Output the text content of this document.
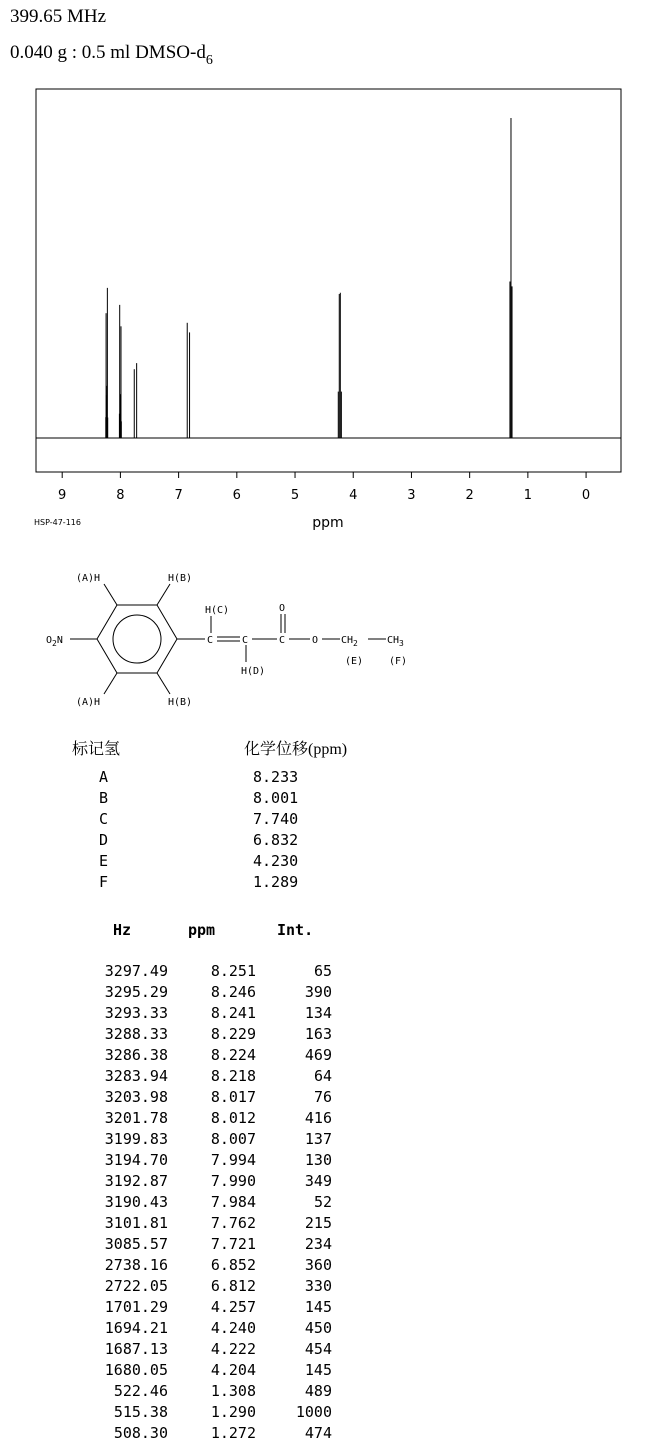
399.65 MHz
0.040 g : 0.5 ml DMSO-$d_6$
9	8	7	6	5	4	3	2	1	0
ppm
HSP-47-116
(A)H	H(B)
(A)H	H(B)
H(C)
H(D)
O
C	C	C	O
$O_2N$	$CH_2$	$CH_3$
(E)	(F)
标记氢	化学位移(ppm)
A	8.233
B	8.001
C	7.740
D	6.832
E	4.230
F	1.289
Hz	ppm	Int.
3297.49	8.251	65
3295.29	8.246	390
3293.33	8.241	134
3288.33	8.229	163
3286.38	8.224	469
3283.94	8.218	64
3203.98	8.017	76
3201.78	8.012	416
3199.83	8.007	137
3194.70	7.994	130
3192.87	7.990	349
3190.43	7.984	52
3101.81	7.762	215
3085.57	7.721	234
2738.16	6.852	360
2722.05	6.812	330
1701.29	4.257	145
1694.21	4.240	450
1687.13	4.222	454
1680.05	4.204	145
522.46	1.308	489
515.38	1.290	1000
508.30	1.272	474
